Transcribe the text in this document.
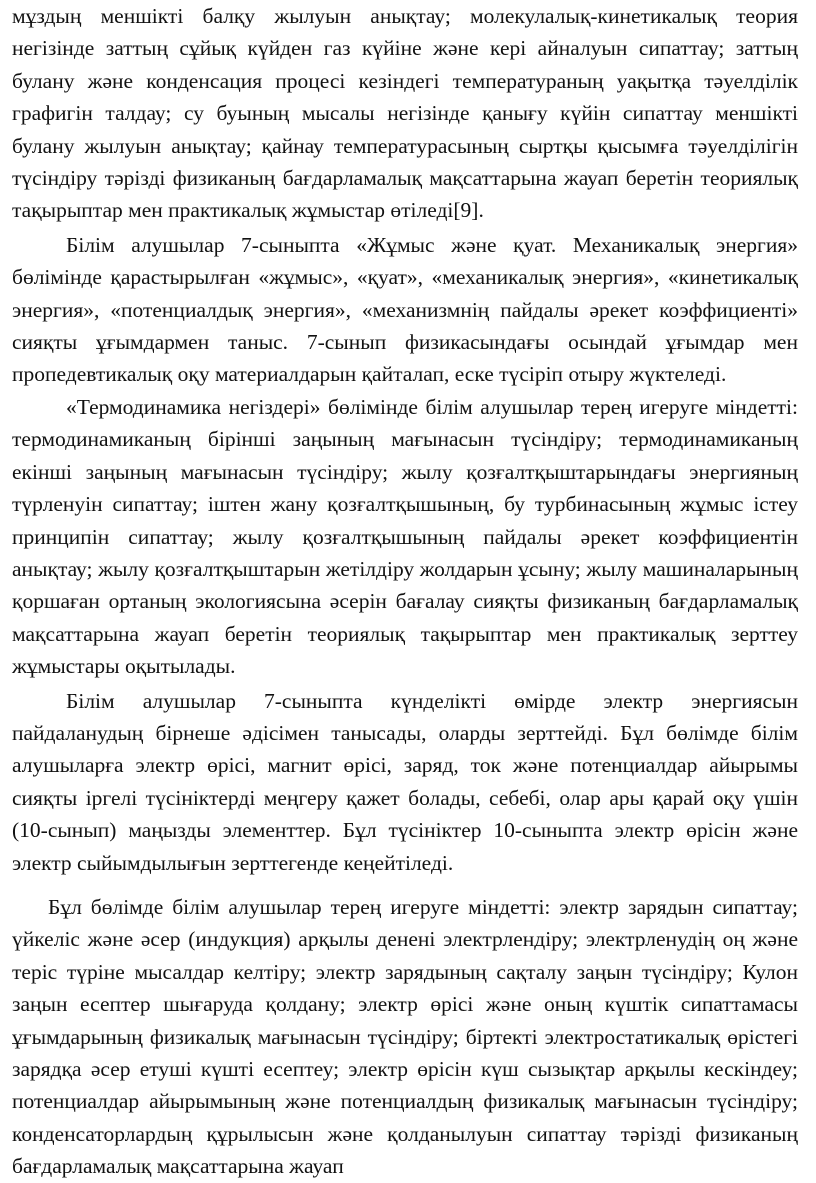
мұздың меншікті балқу жылуын анықтау; молекулалық-кинетикалық теория негізінде заттың сұйық күйден газ күйіне және кері айналуын сипаттау; заттың булану және конденсация процесі кезіндегі температураның уақытқа тәуелділік графигін талдау; су буының мысалы негізінде қанығу күйін сипаттау меншікті булану жылуын анықтау; қайнау температурасының сыртқы қысымға тәуелділігін түсіндіру тәрізді физиканың бағдарламалық мақсаттарына жауап беретін теориялық тақырыптар мен практикалық жұмыстар өтіледі[9].

Білім алушылар 7-сыныпта «Жұмыс және қуат. Механикалық энергия» бөлімінде қарастырылған «жұмыс», «қуат», «механикалық энергия», «кинетикалық энергия», «потенциалдық энергия», «механизмнің пайдалы әрекет коэффициенті» сияқты ұғымдармен таныс. 7-сынып физикасындағы осындай ұғымдар мен пропедевтикалық оқу материалдарын қайталап, еске түсіріп отыру жүктеледі.

«Термодинамика негіздері» бөлімінде білім алушылар терең игеруге міндетті: термодинамиканың бірінші заңының мағынасын түсіндіру; термодинамиканың екінші заңының мағынасын түсіндіру; жылу қозғалтқыштарындағы энергияның түрленуін сипаттау; іштен жану қозғалтқышының, бу турбинасының жұмыс істеу принципін сипаттау; жылу қозғалтқышының пайдалы әрекет коэффициентін анықтау; жылу қозғалтқыштарын жетілдіру жолдарын ұсыну; жылу машиналарының қоршаған ортаның экологиясына әсерін бағалау сияқты физиканың бағдарламалық мақсаттарына жауап беретін теориялық тақырыптар мен практикалық зерттеу жұмыстары оқытылады.

Білім алушылар 7-сыныпта күнделікті өмірде электр энергиясын пайдаланудың бірнеше әдісімен танысады, оларды зерттейді. Бұл бөлімде білім алушыларға электр өрісі, магнит өрісі, заряд, ток және потенциалдар айырымы сияқты іргелі түсініктерді меңгеру қажет болады, себебі, олар ары қарай оқу үшін (10-сынып) маңызды элементтер. Бұл түсініктер 10-сыныпта электр өрісін және электр сыйымдылығын зерттегенде кеңейтіледі.

Бұл бөлімде білім алушылар терең игеруге міндетті: электр зарядын сипаттау; үйкеліс және әсер (индукция) арқылы денені электрлендіру; электрленудің оң және теріс түріне мысалдар келтіру; электр зарядының сақталу заңын түсіндіру; Кулон заңын есептер шығаруда қолдану; электр өрісі және оның күштік сипаттамасы ұғымдарының физикалық мағынасын түсіндіру; біртекті электростатикалық өрістегі зарядқа әсер етуші күшті есептеу; электр өрісін күш сызықтар арқылы кескіндеу; потенциалдар айырымының және потенциалдың физикалық мағынасын түсіндіру; конденсаторлардың құрылысын және қолданылуын сипаттау тәрізді физиканың бағдарламалық мақсаттарына жауап
